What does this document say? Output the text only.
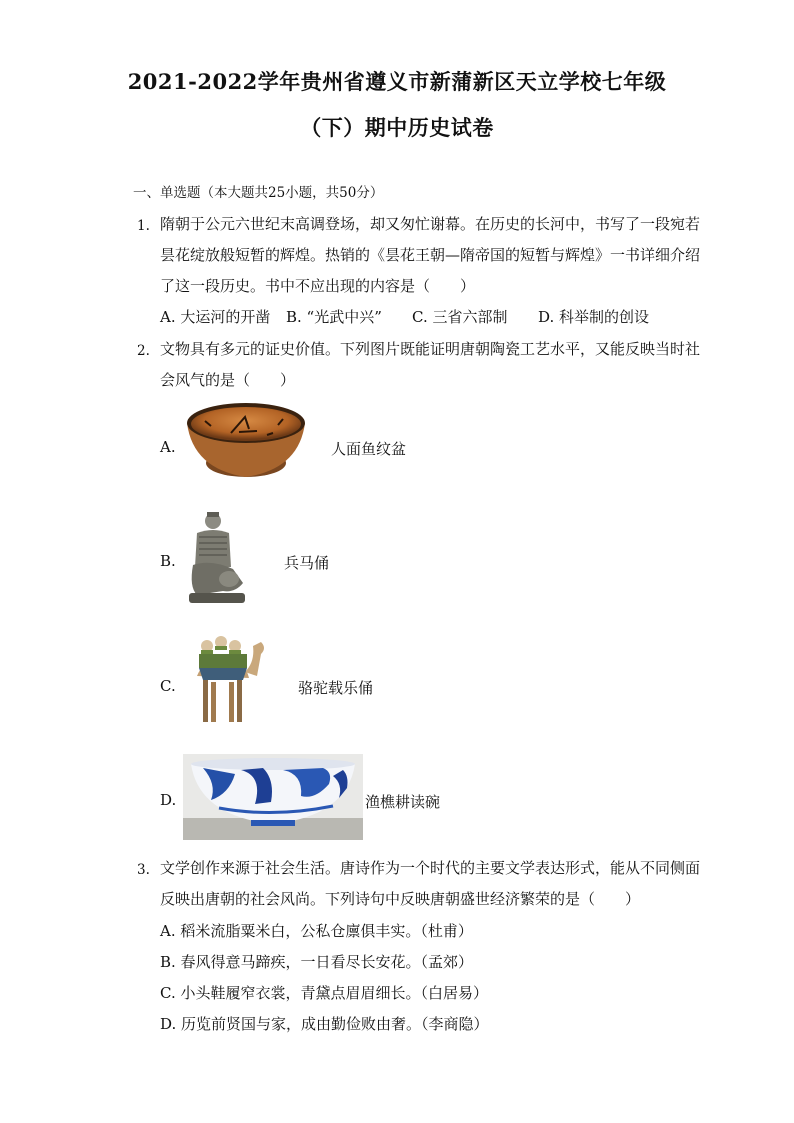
2021-2022学年贵州省遵义市新蒲新区天立学校七年级
（下）期中历史试卷
一、单选题（本大题共25小题，共50分）
1. 隋朝于公元六世纪末高调登场，却又匆忙谢幕。在历史的长河中，书写了一段宛若
昙花绽放般短暂的辉煌。热销的《昙花王朝—隋帝国的短暂与辉煌》一书详细介绍
了这一段历史。书中不应出现的内容是（　　）
A. 大运河的开凿 B. “光武中兴” C. 三省六部制 D. 科举制的创设
2. 文物具有多元的证史价值。下列图片既能证明唐朝陶瓷工艺水平，又能反映当时社
会风气的是（　　）
A.	人面鱼纹盆
B.	兵马俑
C.	骆驼载乐俑
D.	渔樵耕读碗
3. 文学创作来源于社会生活。唐诗作为一个时代的主要文学表达形式，能从不同侧面
反映出唐朝的社会风尚。下列诗句中反映唐朝盛世经济繁荣的是（　　）
A. 稻米流脂粟米白，公私仓廪俱丰实。（杜甫）
B. 春风得意马蹄疾，一日看尽长安花。（孟郊）
C. 小头鞋履窄衣裳，青黛点眉眉细长。（白居易）
D. 历览前贤国与家，成由勤俭败由奢。（李商隐）
